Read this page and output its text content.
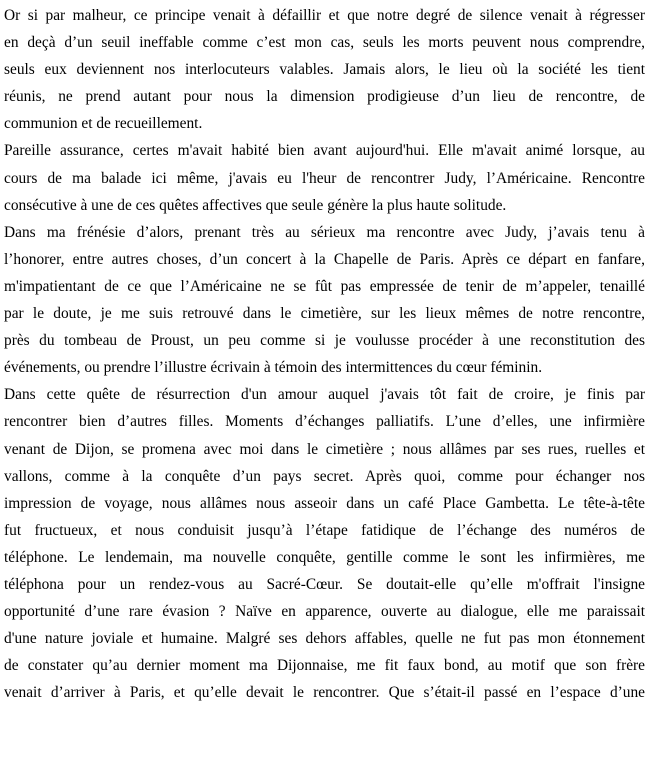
Or si par malheur, ce principe venait à défaillir et que notre degré de silence venait à régresser
en deçà d’un seuil ineffable comme c’est mon cas, seuls les morts peuvent nous comprendre,
seuls eux deviennent nos interlocuteurs valables. Jamais alors, le lieu où la société les tient
réunis, ne prend autant pour nous la dimension prodigieuse d’un lieu de rencontre, de
communion et de recueillement.
Pareille assurance, certes m'avait habité bien avant aujourd'hui. Elle m'avait animé lorsque, au
cours de ma balade ici même, j'avais eu l'heur de rencontrer Judy, l’Américaine. Rencontre
consécutive à une de ces quêtes affectives que seule génère la plus haute solitude.
Dans ma frénésie d’alors, prenant très au sérieux ma rencontre avec Judy, j’avais tenu à
l’honorer, entre autres choses, d’un concert à la Chapelle de Paris. Après ce départ en fanfare,
m'impatientant de ce que l’Américaine ne se fût pas empressée de tenir de m’appeler, tenaillé
par le doute, je me suis retrouvé dans le cimetière, sur les lieux mêmes de notre rencontre,
près du tombeau de Proust, un peu comme si je voulusse procéder à une reconstitution des
événements, ou prendre l’illustre écrivain à témoin des intermittences du cœur féminin.
Dans cette quête de résurrection d'un amour auquel j'avais tôt fait de croire, je finis par
rencontrer bien d’autres filles. Moments d’échanges palliatifs. L’une d’elles, une infirmière
venant de Dijon, se promena avec moi dans le cimetière ; nous allâmes par ses rues, ruelles et
vallons, comme à la conquête d’un pays secret. Après quoi, comme pour échanger nos
impression de voyage, nous allâmes nous asseoir dans un café Place Gambetta. Le tête-à-tête
fut fructueux, et nous conduisit jusqu’à l’étape fatidique de l’échange des numéros de
téléphone. Le lendemain, ma nouvelle conquête, gentille comme le sont les infirmières, me
téléphona pour un rendez-vous au Sacré-Cœur. Se doutait-elle qu’elle m'offrait l'insigne
opportunité d’une rare évasion ? Naïve en apparence, ouverte au dialogue, elle me paraissait
d'une nature joviale et humaine. Malgré ses dehors affables, quelle ne fut pas mon étonnement
de constater qu’au dernier moment ma Dijonnaise, me fit faux bond, au motif que son frère
venait d’arriver à Paris, et qu’elle devait le rencontrer. Que s’était-il passé en l’espace d’une
